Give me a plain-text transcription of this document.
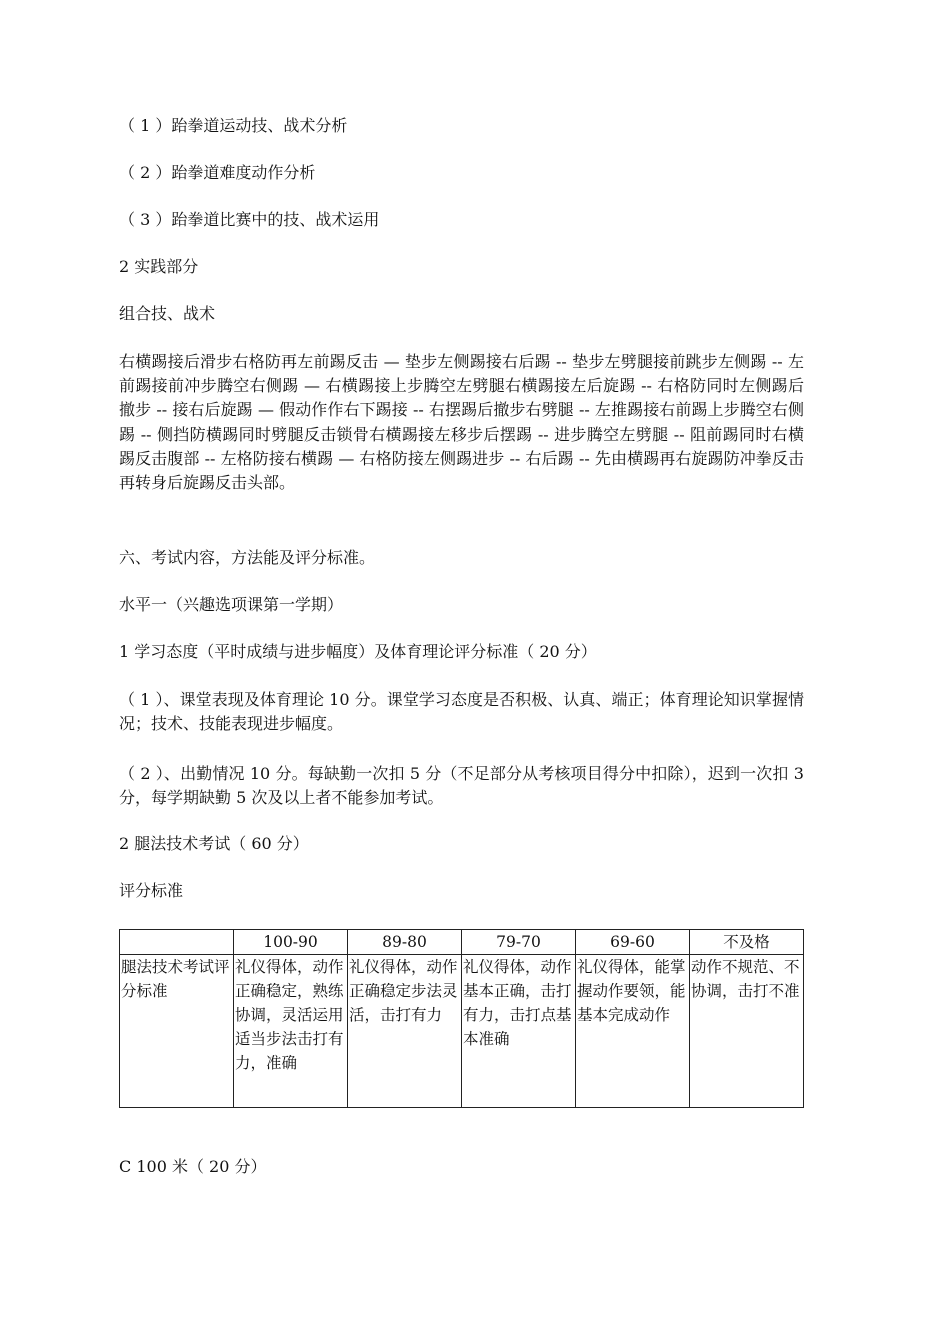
（ 1 ）跆拳道运动技、战术分析
（ 2 ）跆拳道难度动作分析
（ 3 ）跆拳道比赛中的技、战术运用
2 实践部分
组合技、战术
右横踢接后滑步右格防再左前踢反击 — 垫步左侧踢接右后踢 -- 垫步左劈腿接前跳步左侧踢 -- 左前踢接前冲步腾空右侧踢 — 右横踢接上步腾空左劈腿右横踢接左后旋踢 -- 右格防同时左侧踢后撤步 -- 接右后旋踢 — 假动作作右下踢接 -- 右摆踢后撤步右劈腿 -- 左推踢接右前踢上步腾空右侧踢 -- 侧挡防横踢同时劈腿反击锁骨右横踢接左移步后摆踢 -- 进步腾空左劈腿 -- 阻前踢同时右横踢反击腹部 -- 左格防接右横踢 — 右格防接左侧踢进步 -- 右后踢 -- 先由横踢再右旋踢防冲拳反击再转身后旋踢反击头部。
六、考试内容，方法能及评分标准。
水平一（兴趣选项课第一学期）
1 学习态度（平时成绩与进步幅度）及体育理论评分标准（ 20 分）
（ 1 ）、课堂表现及体育理论 10 分。课堂学习态度是否积极、认真、端正；体育理论知识掌握情况；技术、技能表现进步幅度。
（ 2 ）、出勤情况 10 分。每缺勤一次扣 5 分（不足部分从考核项目得分中扣除），迟到一次扣 3 分，每学期缺勤 5 次及以上者不能参加考试。
2 腿法技术考试（ 60 分）
评分标准
	100-90	89-80	79-70	69-60	不及格
腿法技术考试评分标准	礼仪得体，动作正确稳定，熟练协调，灵活运用适当步法击打有力，准确	礼仪得体，动作正确稳定步法灵活，击打有力	礼仪得体，动作基本正确，击打有力，击打点基本准确	礼仪得体，能掌握动作要领，能基本完成动作	动作不规范、不协调，击打不准
C 100 米（ 20 分）
